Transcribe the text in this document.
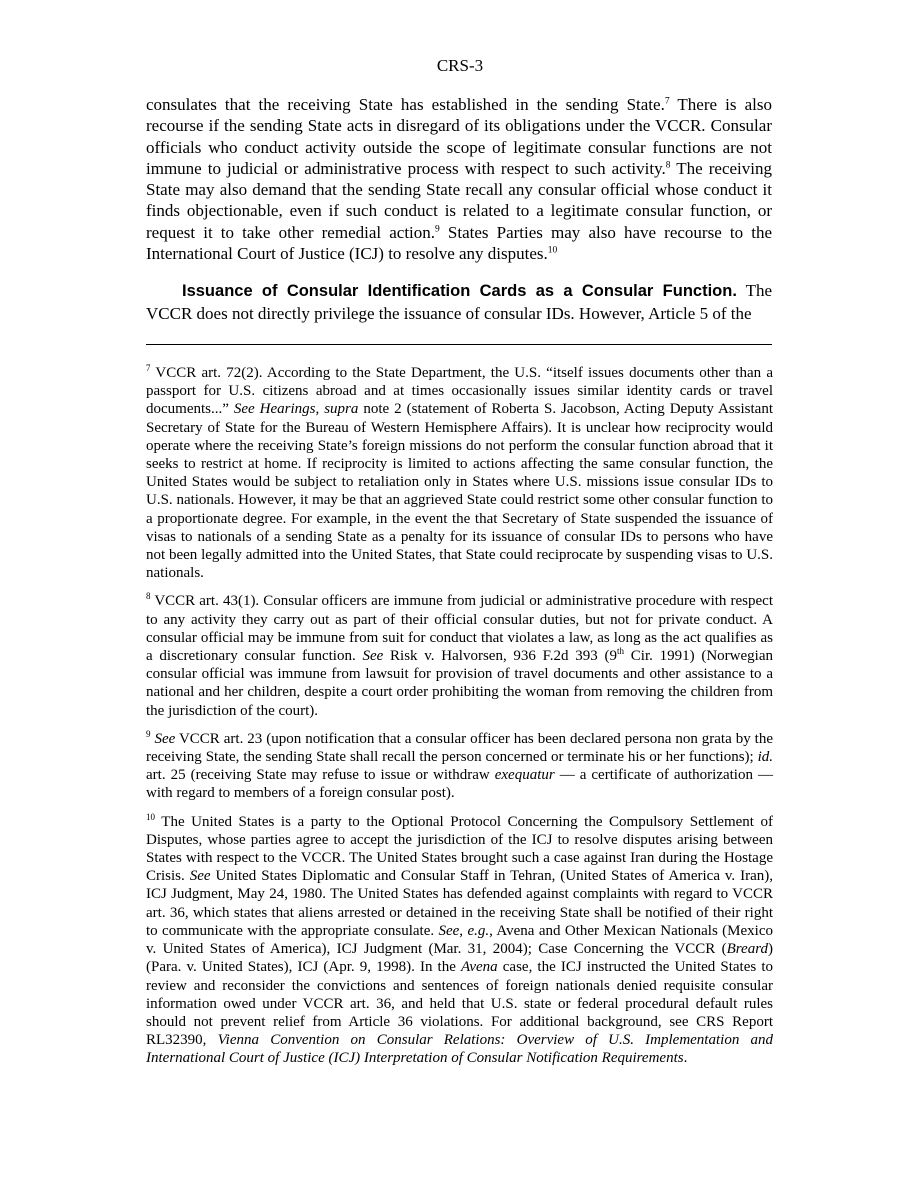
CRS-3

consulates that the receiving State has established in the sending State.$^7$ There is also recourse if the sending State acts in disregard of its obligations under the VCCR. Consular officials who conduct activity outside the scope of legitimate consular functions are not immune to judicial or administrative process with respect to such activity.$^8$ The receiving State may also demand that the sending State recall any consular official whose conduct it finds objectionable, even if such conduct is related to a legitimate consular function, or request it to take other remedial action.$^9$ States Parties may also have recourse to the International Court of Justice (ICJ) to resolve any disputes.$^{10}$

Issuance of Consular Identification Cards as a Consular Function. The VCCR does not directly privilege the issuance of consular IDs. However, Article 5 of the

$^7$ VCCR art. 72(2). According to the State Department, the U.S. “itself issues documents other than a passport for U.S. citizens abroad and at times occasionally issues similar identity cards or travel documents...” See Hearings, supra note 2 (statement of Roberta S. Jacobson, Acting Deputy Assistant Secretary of State for the Bureau of Western Hemisphere Affairs). It is unclear how reciprocity would operate where the receiving State’s foreign missions do not perform the consular function abroad that it seeks to restrict at home. If reciprocity is limited to actions affecting the same consular function, the United States would be subject to retaliation only in States where U.S. missions issue consular IDs to U.S. nationals. However, it may be that an aggrieved State could restrict some other consular function to a proportionate degree. For example, in the event the that Secretary of State suspended the issuance of visas to nationals of a sending State as a penalty for its issuance of consular IDs to persons who have not been legally admitted into the United States, that State could reciprocate by suspending visas to U.S. nationals.

$^8$ VCCR art. 43(1). Consular officers are immune from judicial or administrative procedure with respect to any activity they carry out as part of their official consular duties, but not for private conduct. A consular official may be immune from suit for conduct that violates a law, as long as the act qualifies as a discretionary consular function. See Risk v. Halvorsen, 936 F.2d 393 (9th Cir. 1991) (Norwegian consular official was immune from lawsuit for provision of travel documents and other assistance to a national and her children, despite a court order prohibiting the woman from removing the children from the jurisdiction of the court).

$^9$ See VCCR art. 23 (upon notification that a consular officer has been declared persona non grata by the receiving State, the sending State shall recall the person concerned or terminate his or her functions); id. art. 25 (receiving State may refuse to issue or withdraw exequatur — a certificate of authorization — with regard to members of a foreign consular post).

$^{10}$ The United States is a party to the Optional Protocol Concerning the Compulsory Settlement of Disputes, whose parties agree to accept the jurisdiction of the ICJ to resolve disputes arising between States with respect to the VCCR. The United States brought such a case against Iran during the Hostage Crisis. See United States Diplomatic and Consular Staff in Tehran, (United States of America v. Iran), ICJ Judgment, May 24, 1980. The United States has defended against complaints with regard to VCCR art. 36, which states that aliens arrested or detained in the receiving State shall be notified of their right to communicate with the appropriate consulate. See, e.g., Avena and Other Mexican Nationals (Mexico v. United States of America), ICJ Judgment (Mar. 31, 2004); Case Concerning the VCCR (Breard) (Para. v. United States), ICJ (Apr. 9, 1998). In the Avena case, the ICJ instructed the United States to review and reconsider the convictions and sentences of foreign nationals denied requisite consular information owed under VCCR art. 36, and held that U.S. state or federal procedural default rules should not prevent relief from Article 36 violations. For additional background, see CRS Report RL32390, Vienna Convention on Consular Relations: Overview of U.S. Implementation and International Court of Justice (ICJ) Interpretation of Consular Notification Requirements.
